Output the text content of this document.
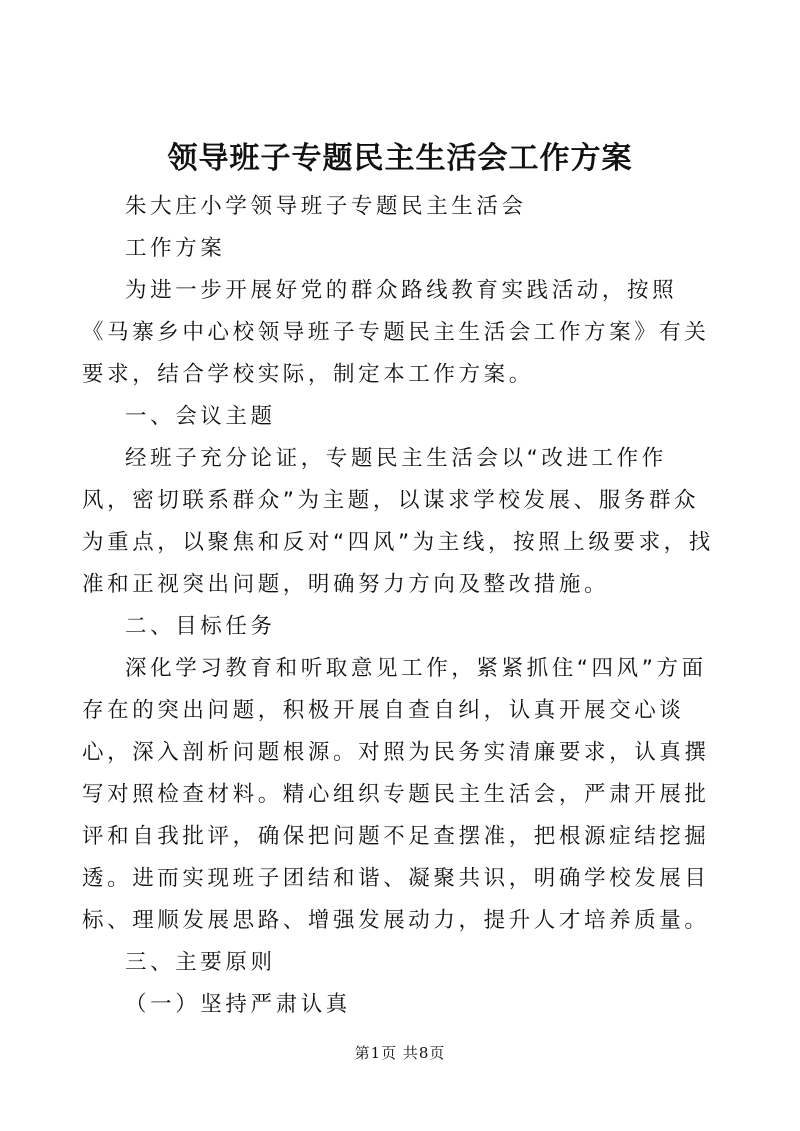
领导班子专题民主生活会工作方案

朱大庄小学领导班子专题民主生活会

工作方案

为进一步开展好党的群众路线教育实践活动，按照《马寨乡中心校领导班子专题民主生活会工作方案》有关要求，结合学校实际，制定本工作方案。

一、会议主题

经班子充分论证，专题民主生活会以“改进工作作风，密切联系群众”为主题，以谋求学校发展、服务群众为重点，以聚焦和反对“四风”为主线，按照上级要求，找准和正视突出问题，明确努力方向及整改措施。

二、目标任务

深化学习教育和听取意见工作，紧紧抓住“四风”方面存在的突出问题，积极开展自查自纠，认真开展交心谈心，深入剖析问题根源。对照为民务实清廉要求，认真撰写对照检查材料。精心组织专题民主生活会，严肃开展批评和自我批评，确保把问题不足查摆准，把根源症结挖掘透。进而实现班子团结和谐、凝聚共识，明确学校发展目标、理顺发展思路、增强发展动力，提升人才培养质量。

三、主要原则

（一）坚持严肃认真

第1页 共8页
